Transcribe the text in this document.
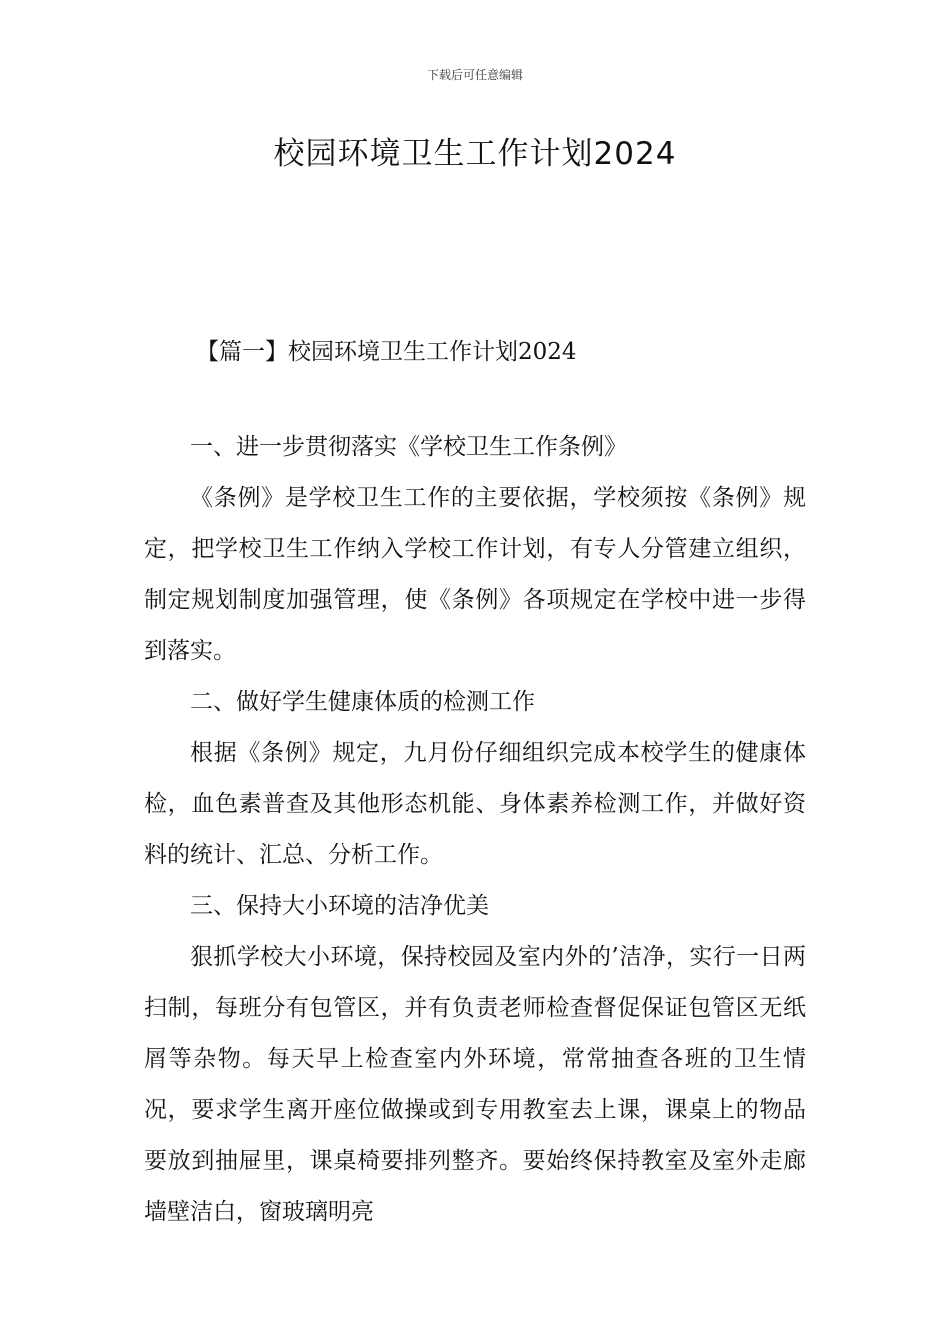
下载后可任意编辑
校园环境卫生工作计划2024
【篇一】校园环境卫生工作计划2024

一、进一步贯彻落实《学校卫生工作条例》

《条例》是学校卫生工作的主要依据，学校须按《条例》规定，把学校卫生工作纳入学校工作计划，有专人分管建立组织，制定规划制度加强管理，使《条例》各项规定在学校中进一步得到落实。

二、做好学生健康体质的检测工作

根据《条例》规定，九月份仔细组织完成本校学生的健康体检，血色素普查及其他形态机能、身体素养检测工作，并做好资料的统计、汇总、分析工作。

三、保持大小环境的洁净优美

狠抓学校大小环境，保持校园及室内外的’洁净，实行一日两扫制，每班分有包管区，并有负责老师检查督促保证包管区无纸屑等杂物。每天早上检查室内外环境，常常抽查各班的卫生情况，要求学生离开座位做操或到专用教室去上课，课桌上的物品要放到抽屉里，课桌椅要排列整齐。要始终保持教室及室外走廊墙壁洁白，窗玻璃明亮
